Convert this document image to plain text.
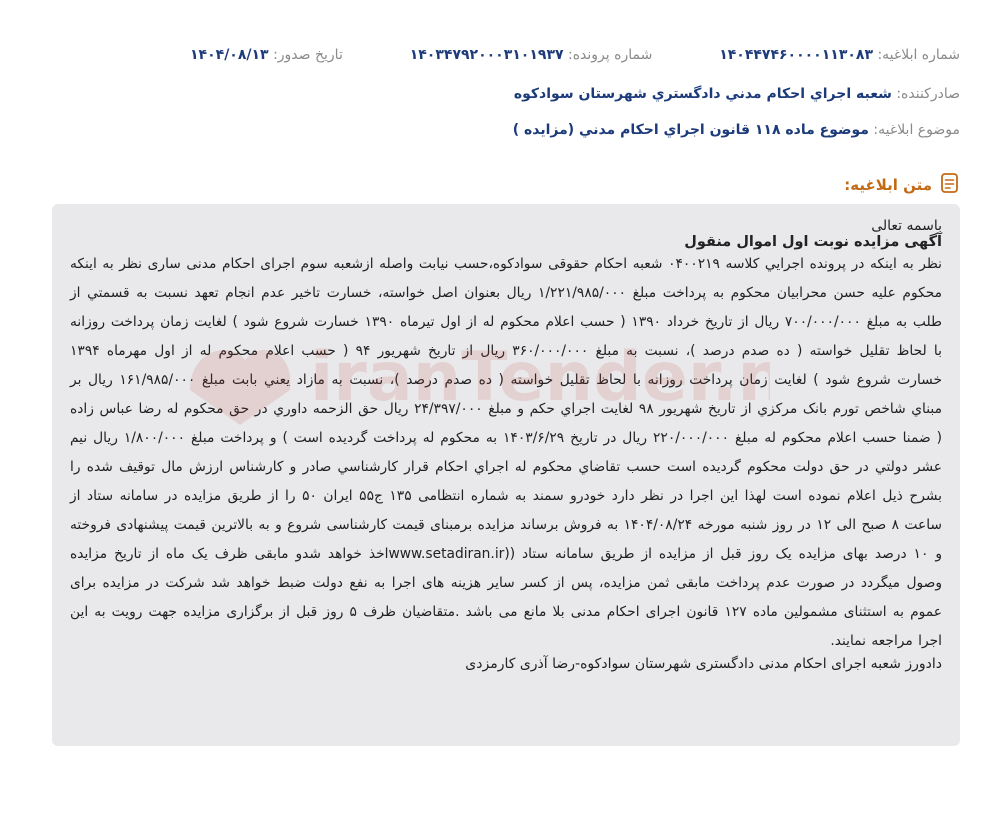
شماره ابلاغیه: ۱۴۰۴۴۷۴۶۰۰۰۰۱۱۳۰۸۳
شماره پرونده: ۱۴۰۳۴۷۹۲۰۰۰۳۱۰۱۹۳۷
تاریخ صدور: ۱۴۰۴/۰۸/۱۳
صادرکننده: شعبه اجراي احکام مدني دادگستري شهرستان سوادکوه
موضوع ابلاغیه: موضوع ماده ۱۱۸ قانون اجراي احکام مدني (مزایده )
متن ابلاغیه:

باسمه تعالی

آگهی مزایده نوبت اول اموال منقول

نظر به اینکه در پرونده اجرايي کلاسه ۰۴۰۰۲۱۹ شعبه احکام حقوقی سوادکوه،حسب نیابت واصله ازشعبه سوم اجرای احکام مدنی ساری نظر به اینکه محکوم علیه حسن محرابیان محکوم به پرداخت مبلغ ۱/۲۲۱/۹۸۵/۰۰۰ ریال بعنوان اصل خواسته، خسارت تاخیر عدم انجام تعهد نسبت به قسمتي از طلب به مبلغ ۷۰۰/۰۰۰/۰۰۰ ریال از تاریخ خرداد ۱۳۹۰ ( حسب اعلام محکوم له از اول تیرماه ۱۳۹۰ خسارت شروع شود ) لغایت زمان پرداخت روزانه با لحاظ تقلیل خواسته ( ده صدم درصد )، نسبت به مبلغ ۳۶۰/۰۰۰/۰۰۰ ریال از تاریخ شهریور ۹۴ ( حسب اعلام محکوم له از اول مهرماه ۱۳۹۴ خسارت شروع شود ) لغایت زمان پرداخت روزانه با لحاظ تقلیل خواسته ( ده صدم درصد )، نسبت به مازاد یعني بابت مبلغ ۱۶۱/۹۸۵/۰۰۰ ریال بر مبناي شاخص تورم بانک مرکزي از تاریخ شهریور ۹۸ لغایت اجراي حکم و مبلغ ۲۴/۳۹۷/۰۰۰ ریال حق الزحمه داوري در حق محکوم له رضا عباس زاده ( ضمنا حسب اعلام محکوم له مبلغ ۲۲۰/۰۰۰/۰۰۰ ریال در تاریخ ۱۴۰۳/۶/۲۹ به محکوم له پرداخت گردیده است ) و پرداخت مبلغ ۱/۸۰۰/۰۰۰ ریال نیم عشر دولتي در حق دولت محکوم گردیده است حسب تقاضاي محکوم له اجراي احکام قرار کارشناسي صادر و کارشناس ارزش مال توقیف شده را بشرح ذیل اعلام نموده است لهذا این اجرا در نظر دارد خودرو سمند به شماره انتظامی ۱۳۵ ج۵۵ ایران ۵۰ را از طریق مزایده در سامانه ستاد از ساعت ۸ صبح الی ۱۲ در روز شنبه مورخه ۱۴۰۴/۰۸/۲۴ به فروش برساند مزایده برمبنای قیمت کارشناسی شروع و به بالاترین قیمت پیشنهادی فروخته و ۱۰ درصد بهای مزایده یک روز قبل از مزایده از طریق سامانه ستاد ((www.setadiran.irاخذ خواهد شدو مابقی ظرف یک ماه از تاریخ مزایده وصول میگردد در صورت عدم پرداخت مابقی ثمن مزایده، پس از کسر سایر هزینه های اجرا به نفع دولت ضبط خواهد شد شرکت در مزایده برای عموم به استثنای مشمولین ماده ۱۲۷ قانون اجرای احکام مدنی بلا مانع می باشد .متقاضیان ظرف ۵ روز قبل از برگزاری مزایده جهت رویت به این اجرا مراجعه نمایند.

دادورز شعبه اجرای احکام مدنی دادگستری شهرستان سوادکوه-رضا آذری کارمزدی
